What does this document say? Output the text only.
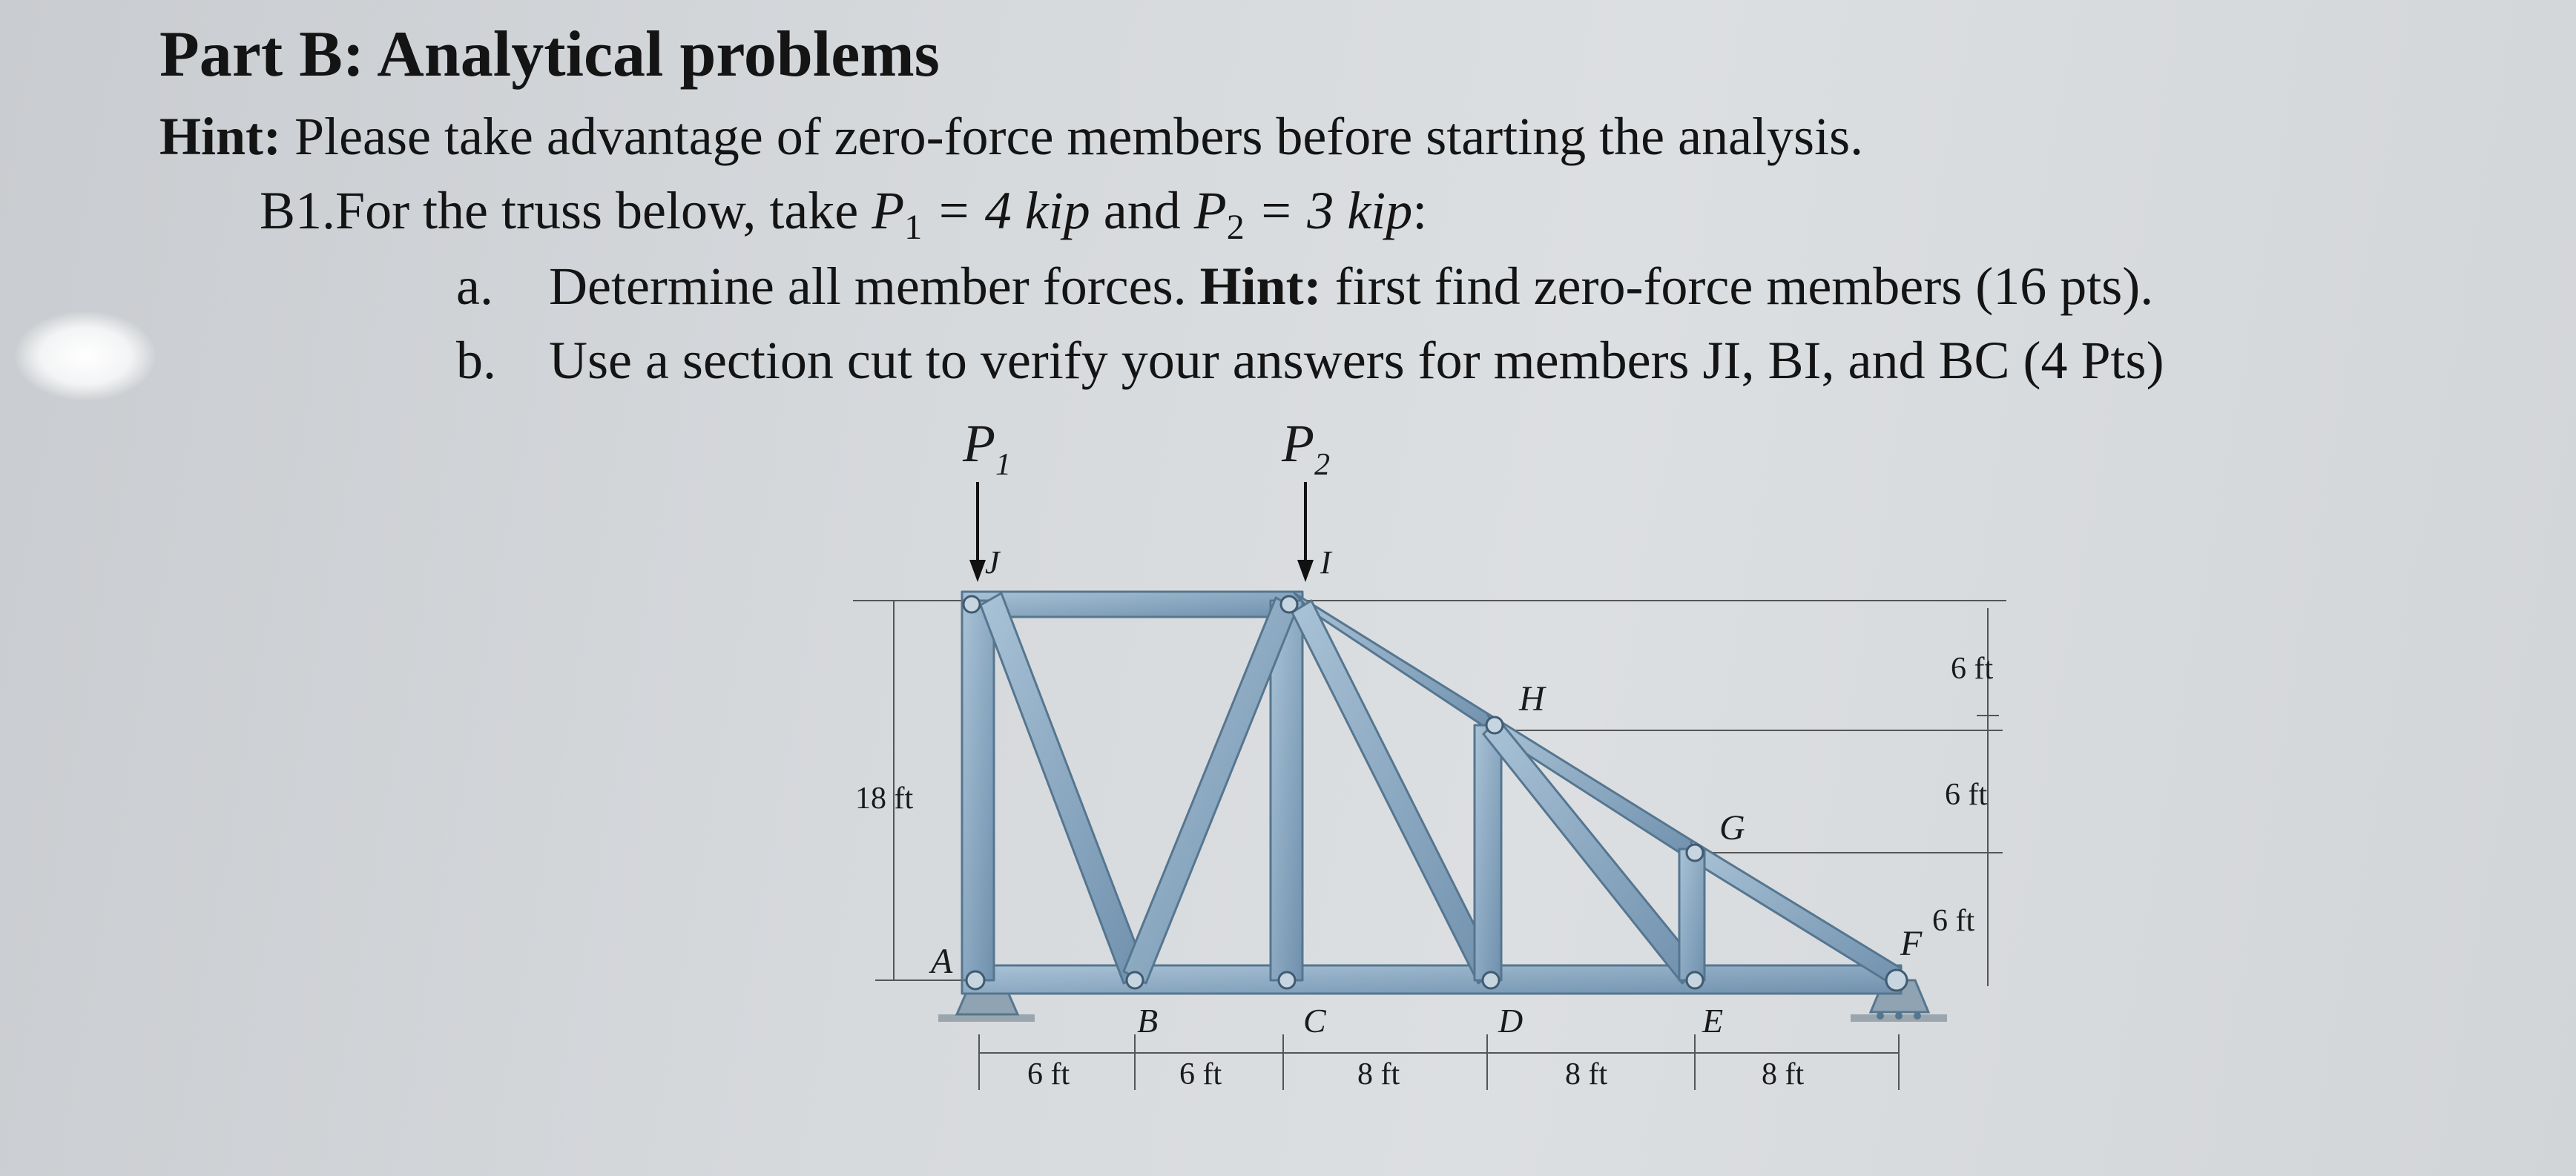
Part B: Analytical problems
Hint: Please take advantage of zero-force members before starting the analysis.
B1.For the truss below, take $P_1 = 4$ kip and $P_2 = 3$ kip:
a. Determine all member forces. Hint: first find zero-force members (16 pts).
b. Use a section cut to verify your answers for members JI, BI, and BC (4 Pts)
$P_1$	$P_2$
J	I
H
G
F
A
B	C	D	E
18 ft
6 ft
6 ft
6 ft
6 ft	6 ft	8 ft	8 ft	8 ft
